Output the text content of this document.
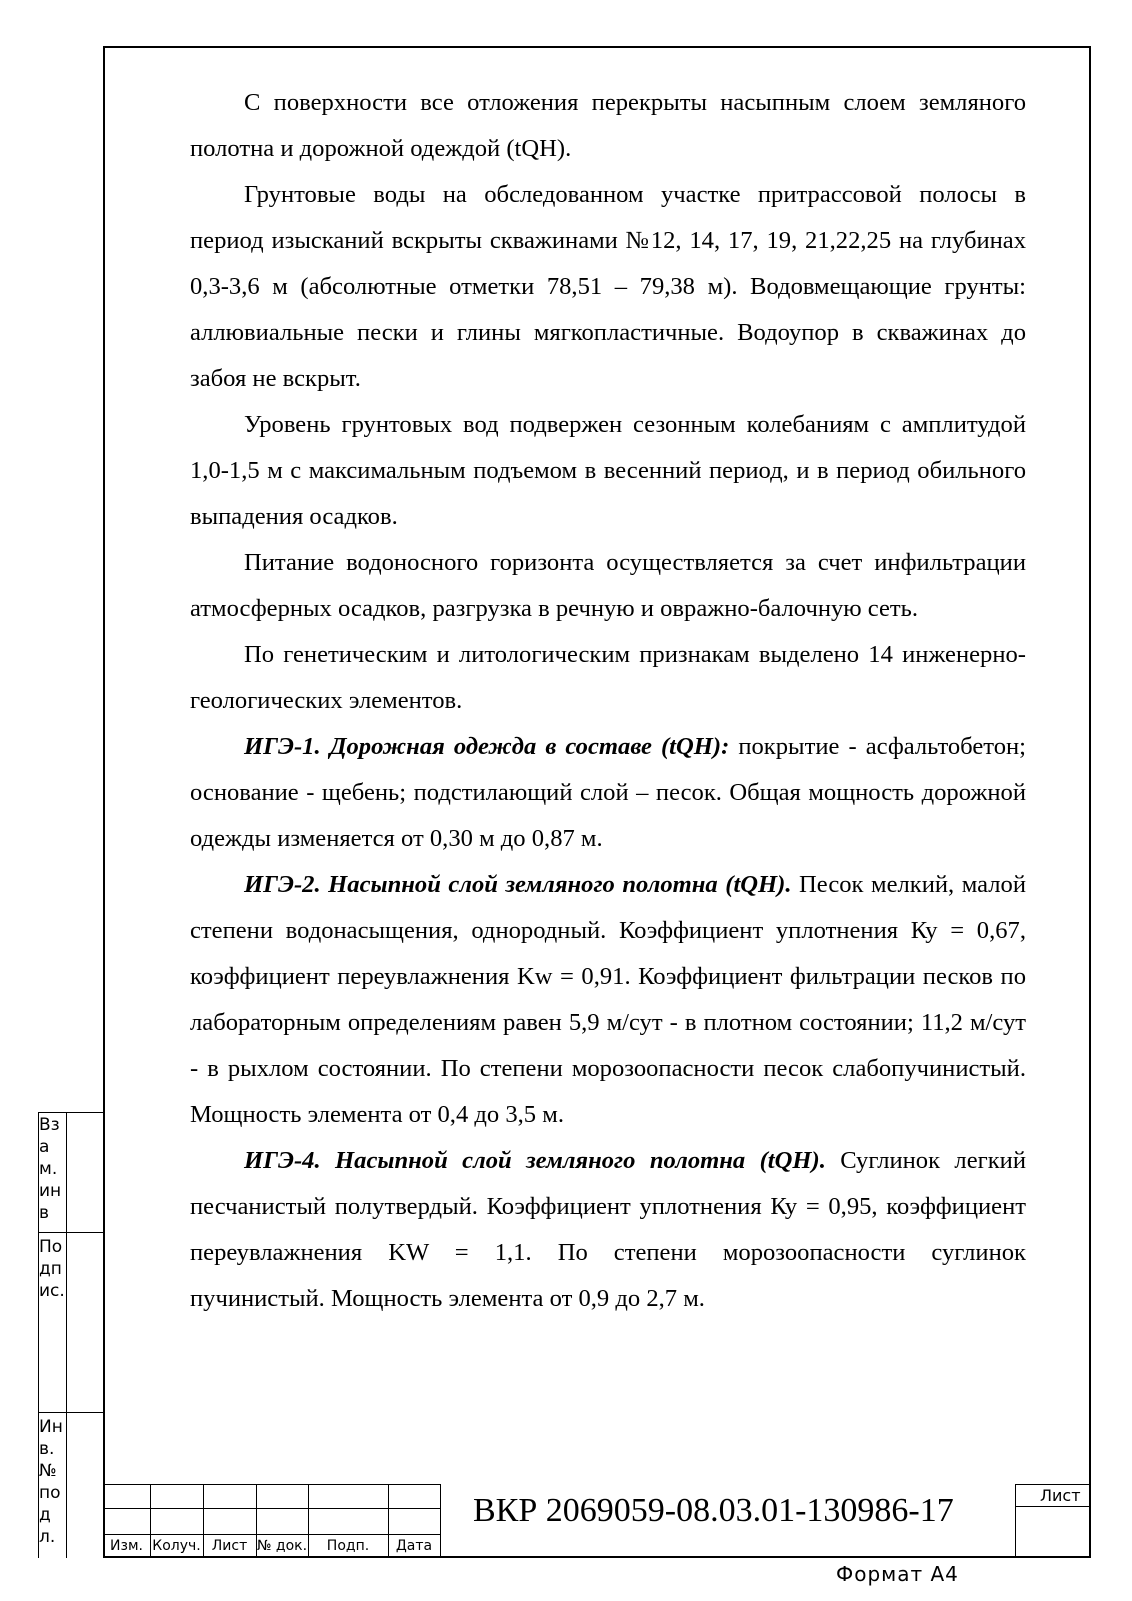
С поверхности все отложения перекрыты насыпным слоем земляного полотна и дорожной одеждой (tQH).

Грунтовые воды на обследованном участке притрассовой полосы в период изысканий вскрыты скважинами №12, 14, 17, 19, 21,22,25 на глубинах 0,3-3,6 м (абсолютные отметки 78,51 – 79,38 м). Водовмещающие грунты: аллювиальные пески и глины мягкопластичные. Водоупор в скважинах до забоя не вскрыт.

Уровень грунтовых вод подвержен сезонным колебаниям с амплитудой 1,0-1,5 м с максимальным подъемом в весенний период, и в период обильного выпадения осадков.

Питание водоносного горизонта осуществляется за счет инфильтрации атмосферных осадков, разгрузка в речную и овражно-балочную сеть.

По генетическим и литологическим признакам выделено 14 инженерно-геологических элементов.

ИГЭ-1. Дорожная одежда в составе (tQH): покрытие - асфальтобетон; основание - щебень; подстилающий слой – песок. Общая мощность дорожной одежды изменяется от 0,30 м до 0,87 м.

ИГЭ-2. Насыпной слой земляного полотна (tQH). Песок мелкий, малой степени водонасыщения, однородный. Коэффициент уплотнения Ку = 0,67, коэффициент переувлажнения Kw = 0,91. Коэффициент фильтрации песков по лабораторным определениям равен 5,9 м/сут - в плотном состоянии; 11,2 м/сут - в рыхлом состоянии. По степени морозоопасности песок слабопучинистый. Мощность элемента от 0,4 до 3,5 м.

ИГЭ-4. Насыпной слой земляного полотна (tQH). Суглинок легкий песчанистый полутвердый. Коэффициент уплотнения Ку = 0,95, коэффициент переувлажнения KW = 1,1. По степени морозоопасности суглинок пучинистый. Мощность элемента от 0,9 до 2,7 м.

Взам. инв
Подпис.
Инв. № подл.	Изм. Колуч. Лист № док.	Подп.	Дата
ВКР 2069059-08.03.01-130986-17	Лист
Формат А4
